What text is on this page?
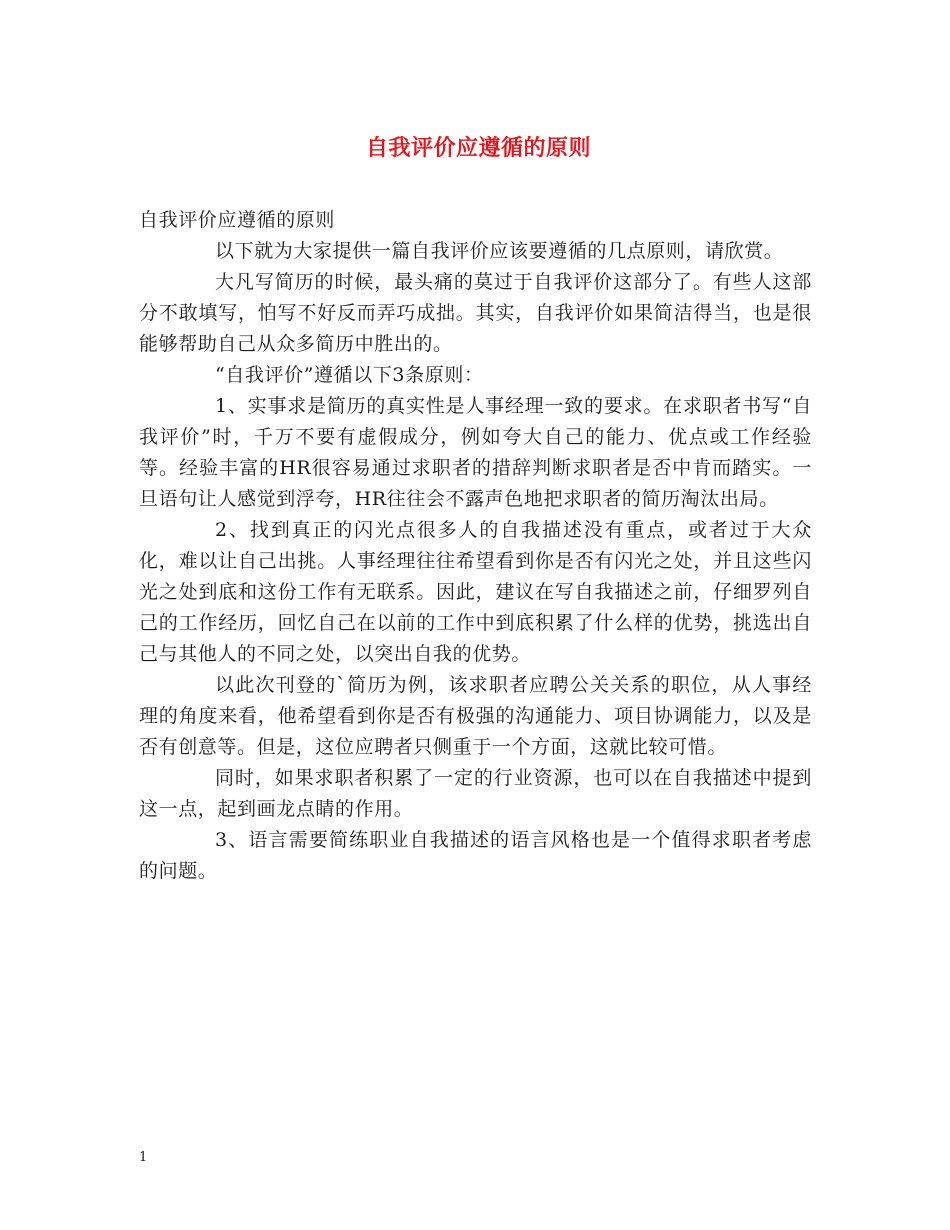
自我评价应遵循的原则

自我评价应遵循的原则

以下就为大家提供一篇自我评价应该要遵循的几点原则，请欣赏。

大凡写简历的时候，最头痛的莫过于自我评价这部分了。有些人这部分不敢填写，怕写不好反而弄巧成拙。其实，自我评价如果简洁得当，也是很能够帮助自己从众多简历中胜出的。

“自我评价”遵循以下3条原则：

1、实事求是简历的真实性是人事经理一致的要求。在求职者书写“自我评价”时，千万不要有虚假成分，例如夸大自己的能力、优点或工作经验等。经验丰富的HR很容易通过求职者的措辞判断求职者是否中肯而踏实。一旦语句让人感觉到浮夸，HR往往会不露声色地把求职者的简历淘汰出局。

2、找到真正的闪光点很多人的自我描述没有重点，或者过于大众化，难以让自己出挑。人事经理往往希望看到你是否有闪光之处，并且这些闪光之处到底和这份工作有无联系。因此，建议在写自我描述之前，仔细罗列自己的工作经历，回忆自己在以前的工作中到底积累了什么样的优势，挑选出自己与其他人的不同之处，以突出自我的优势。

以此次刊登的`简历为例，该求职者应聘公关关系的职位，从人事经理的角度来看，他希望看到你是否有极强的沟通能力、项目协调能力，以及是否有创意等。但是，这位应聘者只侧重于一个方面，这就比较可惜。

同时，如果求职者积累了一定的行业资源，也可以在自我描述中提到这一点，起到画龙点睛的作用。

3、语言需要简练职业自我描述的语言风格也是一个值得求职者考虑的问题。

1
